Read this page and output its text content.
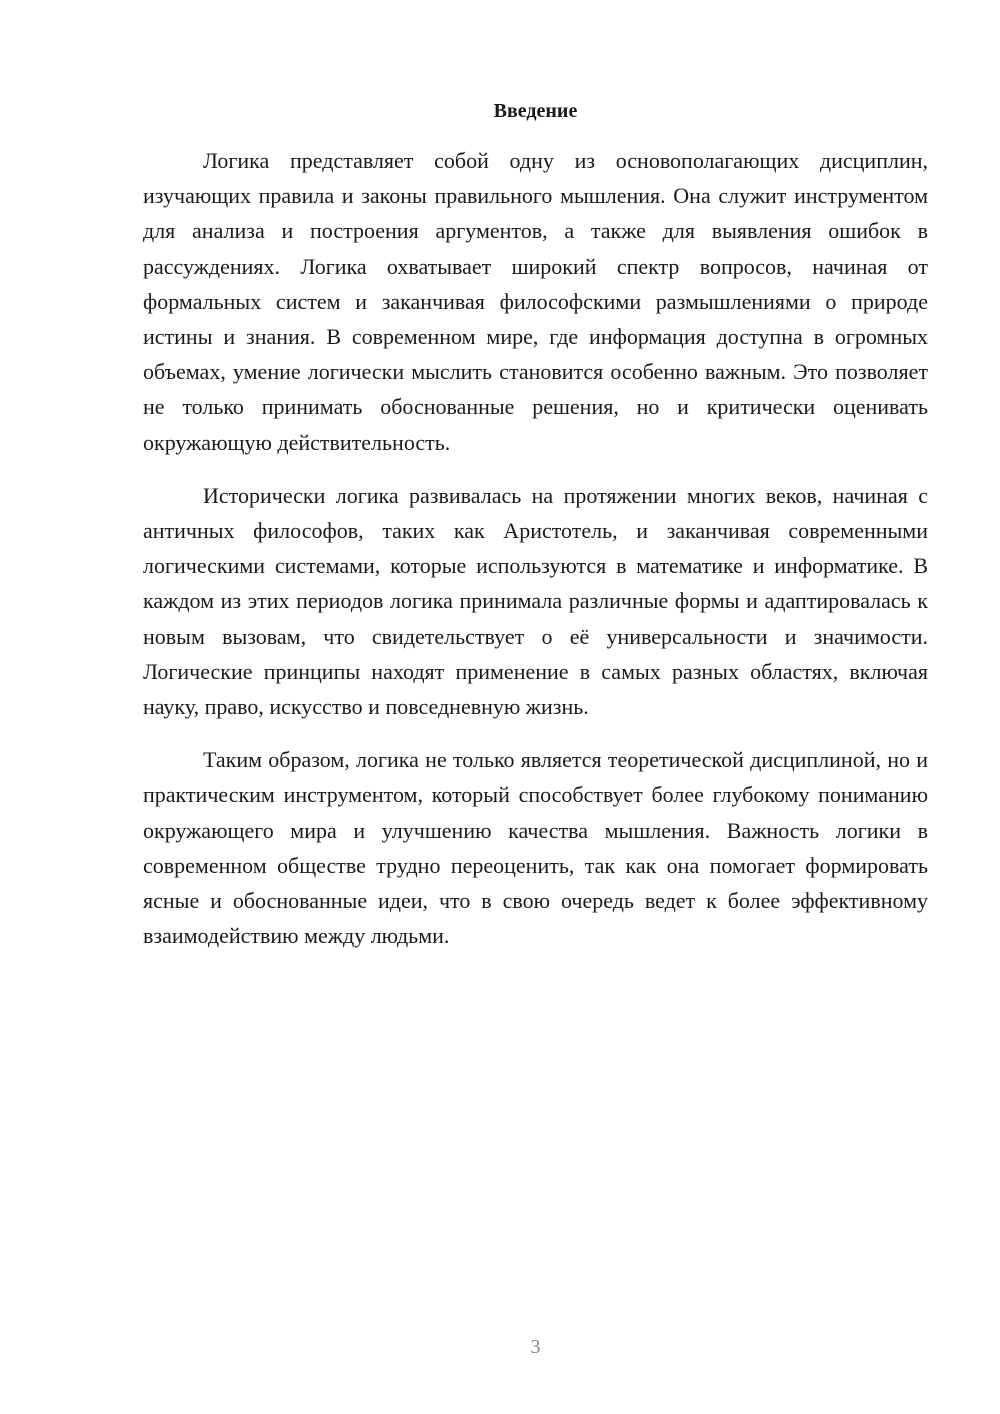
Введение

Логика представляет собой одну из основополагающих дисциплин, изучающих правила и законы правильного мышления. Она служит инструментом для анализа и построения аргументов, а также для выявления ошибок в рассуждениях. Логика охватывает широкий спектр вопросов, начиная от формальных систем и заканчивая философскими размышлениями о природе истины и знания. В современном мире, где информация доступна в огромных объемах, умение логически мыслить становится особенно важным. Это позволяет не только принимать обоснованные решения, но и критически оценивать окружающую действительность.

Исторически логика развивалась на протяжении многих веков, начиная с античных философов, таких как Аристотель, и заканчивая современными логическими системами, которые используются в математике и информатике. В каждом из этих периодов логика принимала различные формы и адаптировалась к новым вызовам, что свидетельствует о её универсальности и значимости. Логические принципы находят применение в самых разных областях, включая науку, право, искусство и повседневную жизнь.

Таким образом, логика не только является теоретической дисциплиной, но и практическим инструментом, который способствует более глубокому пониманию окружающего мира и улучшению качества мышления. Важность логики в современном обществе трудно переоценить, так как она помогает формировать ясные и обоснованные идеи, что в свою очередь ведет к более эффективному взаимодействию между людьми.

3
